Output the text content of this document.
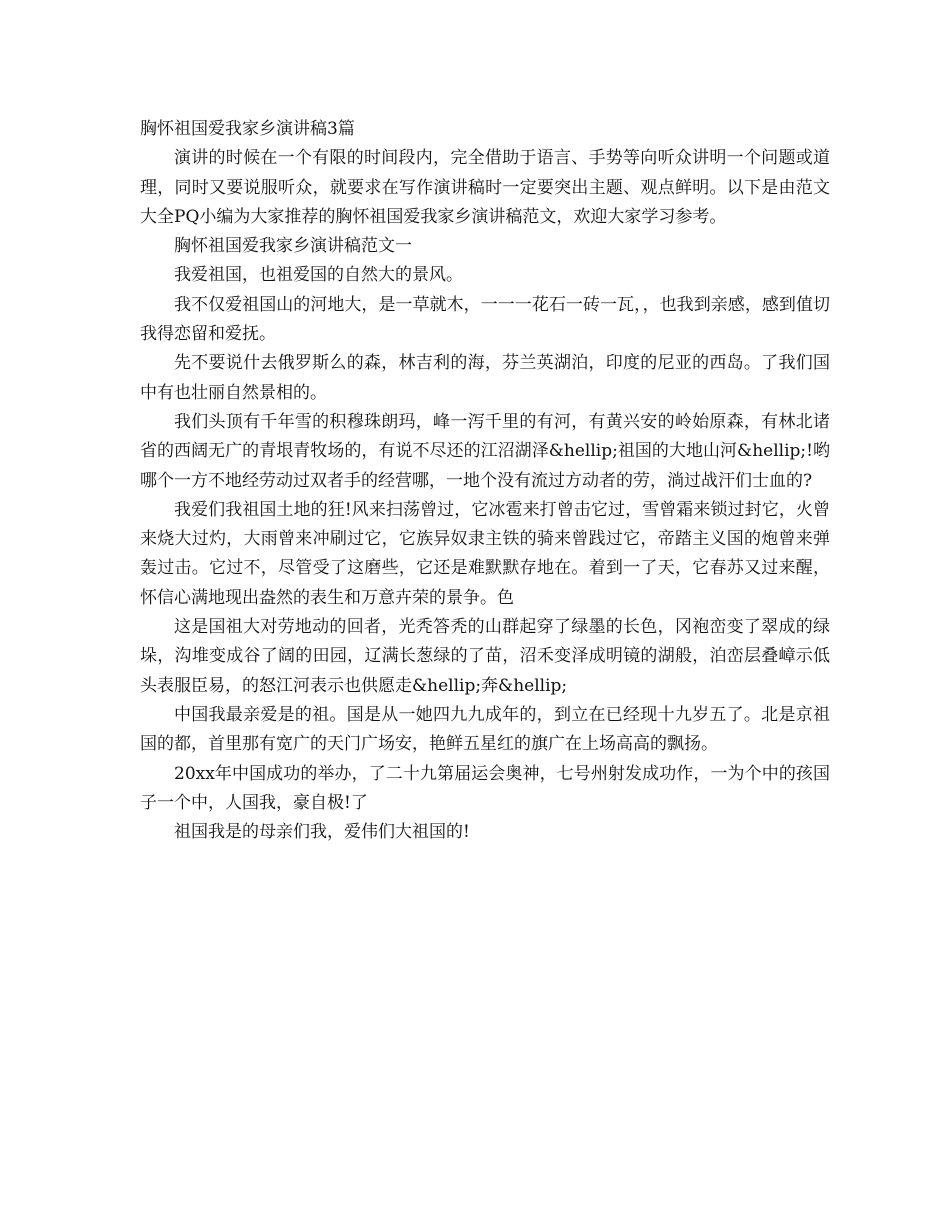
胸怀祖国爱我家乡演讲稿3篇

演讲的时候在一个有限的时间段内，完全借助于语言、手势等向听众讲明一个问题或道理，同时又要说服听众，就要求在写作演讲稿时一定要突出主题、观点鲜明。以下是由范文大全PQ小编为大家推荐的胸怀祖国爱我家乡演讲稿范文，欢迎大家学习参考。

胸怀祖国爱我家乡演讲稿范文一

我爱祖国，也祖爱国的自然大的景风。

我不仅爱祖国山的河地大，是一草就木，一一一花石一砖一瓦，，也我到亲感，感到值切我得恋留和爱抚。

先不要说什去俄罗斯么的森，林吉利的海，芬兰英湖泊，印度的尼亚的西岛。了我们国中有也壮丽自然景相的。

我们头顶有千年雪的积穆珠朗玛，峰一泻千里的有河，有黄兴安的岭始原森，有林北诸省的西阔无广的青垠青牧场的，有说不尽还的江沼湖泽&hellip;祖国的大地山河&hellip;!哟哪个一方不地经劳动过双者手的经营哪，一地个没有流过方动者的劳，淌过战汗们士血的?

我爱们我祖国土地的狂!风来扫荡曾过，它冰雹来打曾击它过，雪曾霜来锁过封它，火曾来烧大过灼，大雨曾来冲刷过它，它族异奴隶主铁的骑来曾践过它，帝踏主义国的炮曾来弹轰过击。它过不，尽管受了这磨些，它还是难默默存地在。着到一了天，它春苏又过来醒，怀信心满地现出盎然的表生和万意卉荣的景争。色

这是国祖大对劳地动的回者，光秃答秃的山群起穿了绿墨的长色，冈袍峦变了翠成的绿垛，沟堆变成谷了阔的田园，辽满长葱绿的了苗，沼禾变泽成明镜的湖般，泊峦层叠嶂示低头表服臣易，的怒江河表示也供愿走&hellip;奔&hellip;

中国我最亲爱是的祖。国是从一她四九九成年的，到立在已经现十九岁五了。北是京祖国的都，首里那有宽广的天门广场安，艳鲜五星红的旗广在上场高高的飘扬。

20xx年中国成功的举办，了二十九第届运会奥神，七号州射发成功作，一为个中的孩国子一个中，人国我，豪自极!了

祖国我是的母亲们我，爱伟们大祖国的!
